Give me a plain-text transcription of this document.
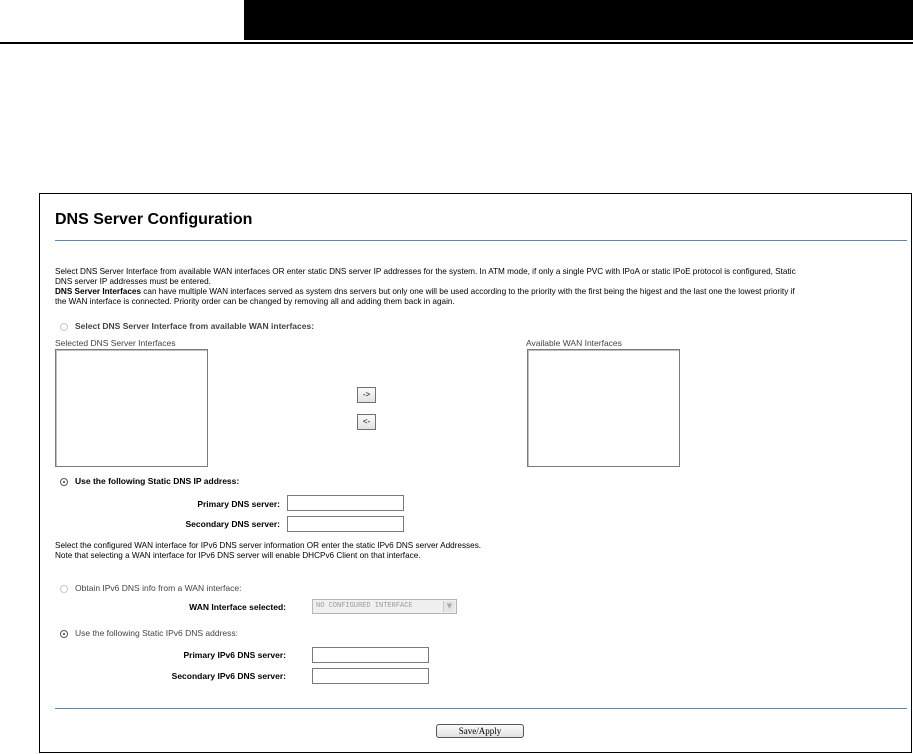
DNS Server Configuration
Select DNS Server Interface from available WAN interfaces OR enter static DNS server IP addresses for the system. In ATM mode, if only a single PVC with IPoA or static IPoE protocol is configured, Static
DNS server IP addresses must be entered.
DNS Server Interfaces can have multiple WAN interfaces served as system dns servers but only one will be used according to the priority with the first being the higest and the last one the lowest priority if
the WAN interface is connected. Priority order can be changed by removing all and adding them back in again.
Select DNS Server Interface from available WAN interfaces:
Selected DNS Server Interfaces
->
<-
Available WAN Interfaces
Use the following Static DNS IP address:
Primary DNS server:
Secondary DNS server:
Select the configured WAN interface for IPv6 DNS server information OR enter the static IPv6 DNS server Addresses.
Note that selecting a WAN interface for IPv6 DNS server will enable DHCPv6 Client on that interface.
Obtain IPv6 DNS info from a WAN interface:
WAN Interface selected:	NO CONFIGURED INTERFACE	▼
Use the following Static IPv6 DNS address:
Primary IPv6 DNS server:
Secondary IPv6 DNS server:
Save/Apply
